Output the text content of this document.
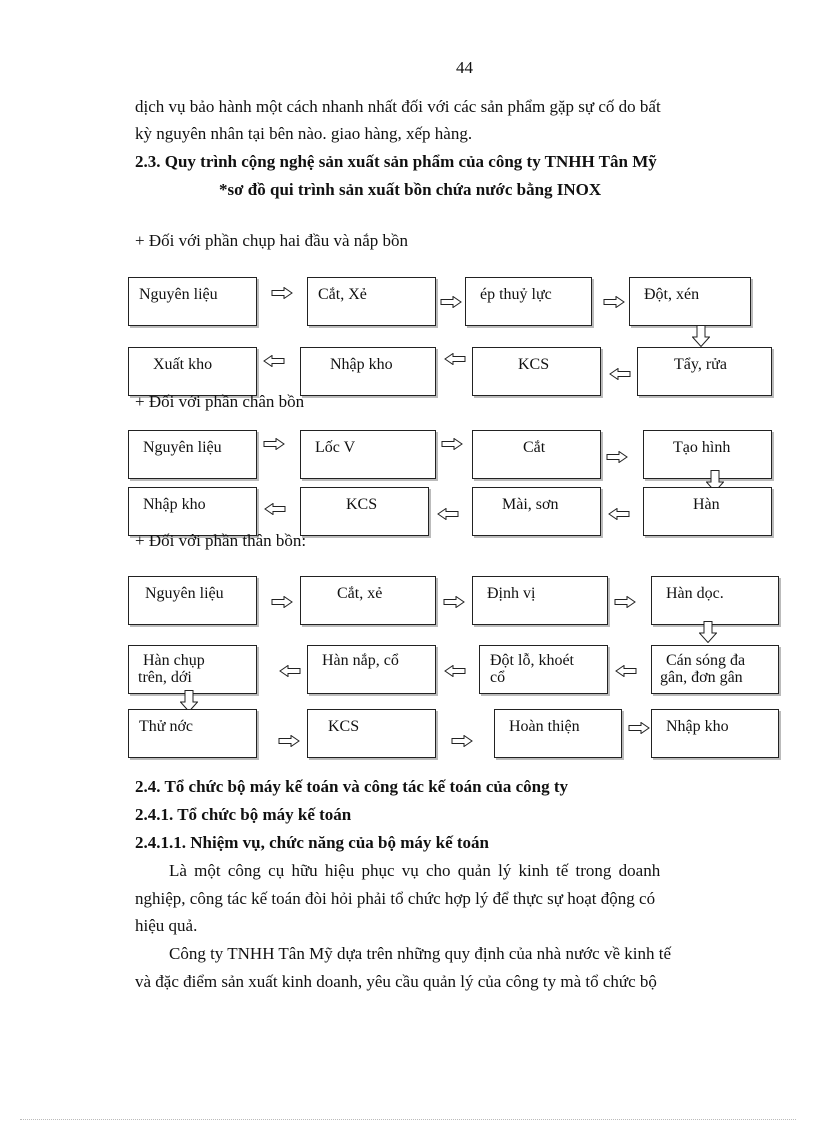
44
dịch vụ bảo hành một cách nhanh nhất đối với các sản phẩm gặp sự cố do bất
kỳ nguyên nhân tại bên nào. giao hàng, xếp hàng.
2.3. Quy trình cộng nghệ sản xuất sản phẩm của công ty TNHH Tân Mỹ
*sơ đồ qui trình sản xuất bồn chứa nước bằng INOX
+ Đối với phần chụp hai đầu và nắp bồn
Nguyên liệu	Cắt, Xẻ	ép thuỷ lực	Đột, xén
Xuất kho	Nhập kho	KCS	Tẩy, rửa
+ Đối với phần chân bồn
Nguyên liệu	Lốc V	Cắt	Tạo hình
Nhập kho	KCS	Mài, sơn	Hàn
+ Đối với phần thân bồn:
Nguyên liệu	Cắt, xẻ	Định vị	Hàn dọc.
Hàn chụp
trên, dới
Hàn nắp, cổ	Đột lỗ, khoét
cổ
Cán sóng đa
gân, đơn gân
Thử nớc	KCS	Hoàn thiện	Nhập kho
2.4. Tổ chức bộ máy kế toán và công tác kế toán của công ty
2.4.1. Tổ chức bộ máy kế toán
2.4.1.1. Nhiệm vụ, chức năng của bộ máy kế toán
Là một công cụ hữu hiệu phục vụ cho quản lý kinh tế trong doanh
nghiệp, công tác kế toán đòi hỏi phải tổ chức hợp lý để thực sự hoạt động có
hiệu quả.
Công ty TNHH Tân Mỹ dựa trên những quy định của nhà nước về kinh tế
và đặc điểm sản xuất kinh doanh, yêu cầu quản lý của công ty mà tổ chức bộ
